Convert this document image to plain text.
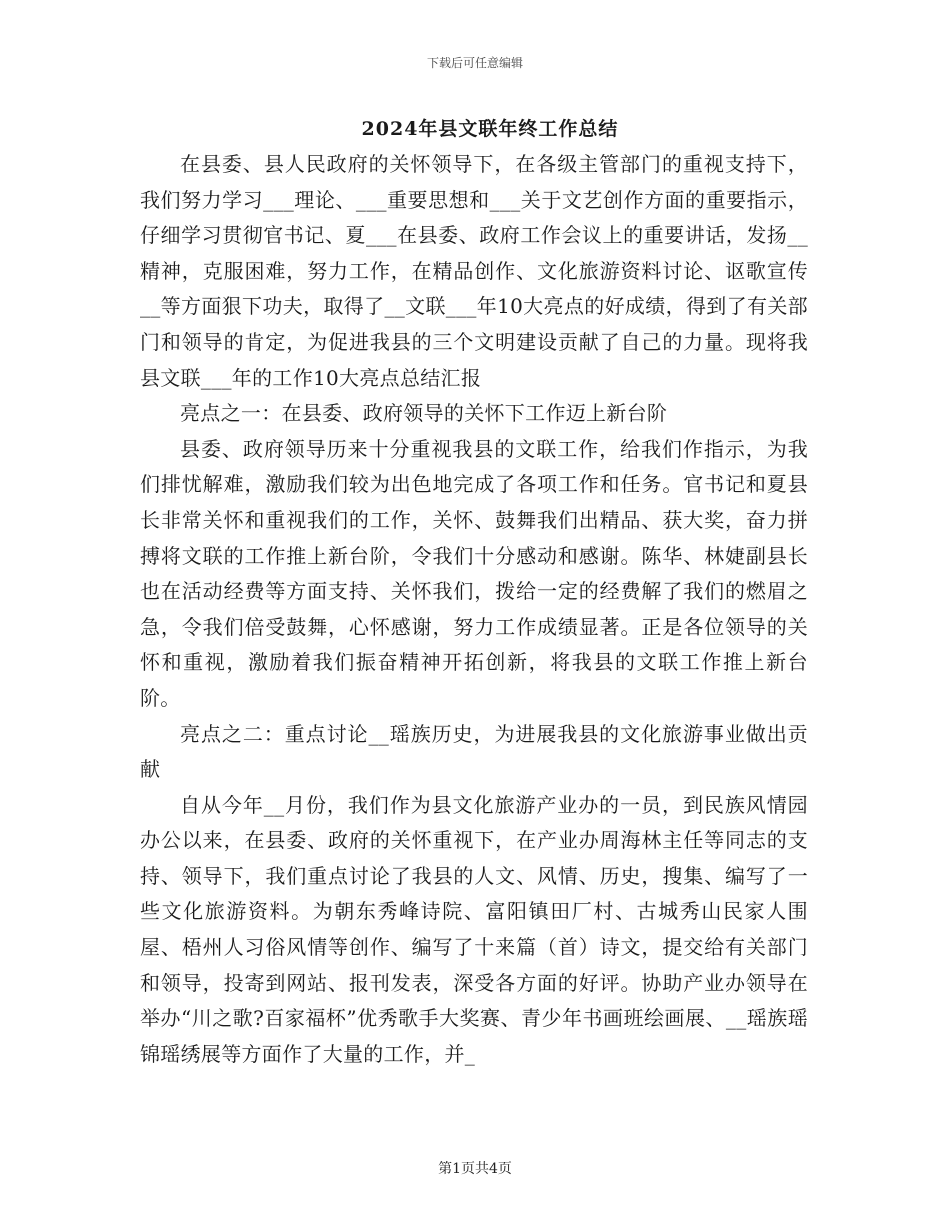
下载后可任意编辑
2024年县文联年终工作总结

在县委、县人民政府的关怀领导下，在各级主管部门的重视支持下，我们努力学习___理论、___重要思想和___关于文艺创作方面的重要指示，仔细学习贯彻官书记、夏___在县委、政府工作会议上的重要讲话，发扬__精神，克服困难，努力工作，在精品创作、文化旅游资料讨论、讴歌宣传__等方面狠下功夫，取得了__文联___年10大亮点的好成绩，得到了有关部门和领导的肯定，为促进我县的三个文明建设贡献了自己的力量。现将我县文联___年的工作10大亮点总结汇报

亮点之一：在县委、政府领导的关怀下工作迈上新台阶

县委、政府领导历来十分重视我县的文联工作，给我们作指示，为我们排忧解难，激励我们较为出色地完成了各项工作和任务。官书记和夏县长非常关怀和重视我们的工作，关怀、鼓舞我们出精品、获大奖，奋力拼搏将文联的工作推上新台阶，令我们十分感动和感谢。陈华、林婕副县长也在活动经费等方面支持、关怀我们，拨给一定的经费解了我们的燃眉之急，令我们倍受鼓舞，心怀感谢，努力工作成绩显著。正是各位领导的关怀和重视，激励着我们振奋精神开拓创新，将我县的文联工作推上新台阶。

亮点之二：重点讨论__瑶族历史，为进展我县的文化旅游事业做出贡献

自从今年__月份，我们作为县文化旅游产业办的一员，到民族风情园办公以来，在县委、政府的关怀重视下，在产业办周海林主任等同志的支持、领导下，我们重点讨论了我县的人文、风情、历史，搜集、编写了一些文化旅游资料。为朝东秀峰诗院、富阳镇田厂村、古城秀山民家人围屋、梧州人习俗风情等创作、编写了十来篇（首）诗文，提交给有关部门和领导，投寄到网站、报刊发表，深受各方面的好评。协助产业办领导在举办“川之歌?百家福杯”优秀歌手大奖赛、青少年书画班绘画展、__瑶族瑶锦瑶绣展等方面作了大量的工作，并_

第1页共4页
